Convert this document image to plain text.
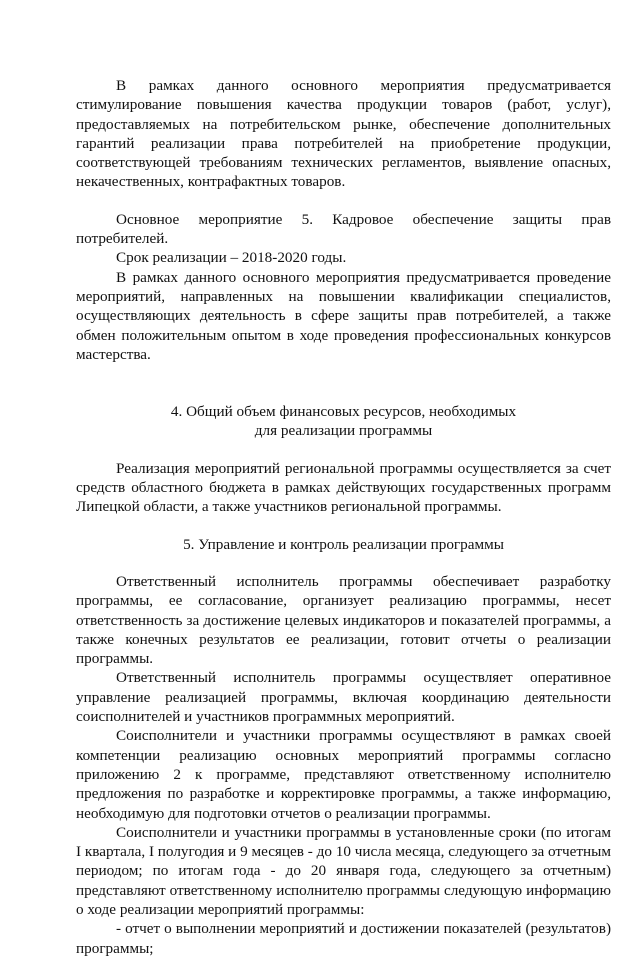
В рамках данного основного мероприятия предусматривается стимулирование повышения качества продукции товаров (работ, услуг), предоставляемых на потребительском рынке, обеспечение дополнительных гарантий реализации права потребителей на приобретение продукции, соответствующей требованиям технических регламентов, выявление опасных, некачественных, контрафактных товаров.

Основное мероприятие 5. Кадровое обеспечение защиты прав потребителей.

Срок реализации – 2018-2020 годы.

В рамках данного основного мероприятия предусматривается проведение мероприятий, направленных на повышении квалификации специалистов, осуществляющих деятельность в сфере защиты прав потребителей, а также обмен положительным опытом в ходе проведения профессиональных конкурсов мастерства.

4. Общий объем финансовых ресурсов, необходимых

для реализации программы

Реализация мероприятий региональной программы осуществляется за счет средств областного бюджета в рамках действующих государственных программ Липецкой области, а также участников региональной программы.

5. Управление и контроль реализации программы

Ответственный исполнитель программы обеспечивает разработку программы, ее согласование, организует реализацию программы, несет ответственность за достижение целевых индикаторов и показателей программы, а также конечных результатов ее реализации, готовит отчеты о реализации программы.

Ответственный исполнитель программы осуществляет оперативное управление реализацией программы, включая координацию деятельности соисполнителей и участников программных мероприятий.

Соисполнители и участники программы осуществляют в рамках своей компетенции реализацию основных мероприятий программы согласно приложению 2 к программе, представляют ответственному исполнителю предложения по разработке и корректировке программы, а также информацию, необходимую для подготовки отчетов о реализации программы.

Соисполнители и участники программы в установленные сроки (по итогам I квартала, I полугодия и 9 месяцев - до 10 числа месяца, следующего за отчетным периодом; по итогам года - до 20 января года, следующего за отчетным) представляют ответственному исполнителю программы следующую информацию о ходе реализации мероприятий программы:

- отчет о выполнении мероприятий и достижении показателей (результатов) программы;
